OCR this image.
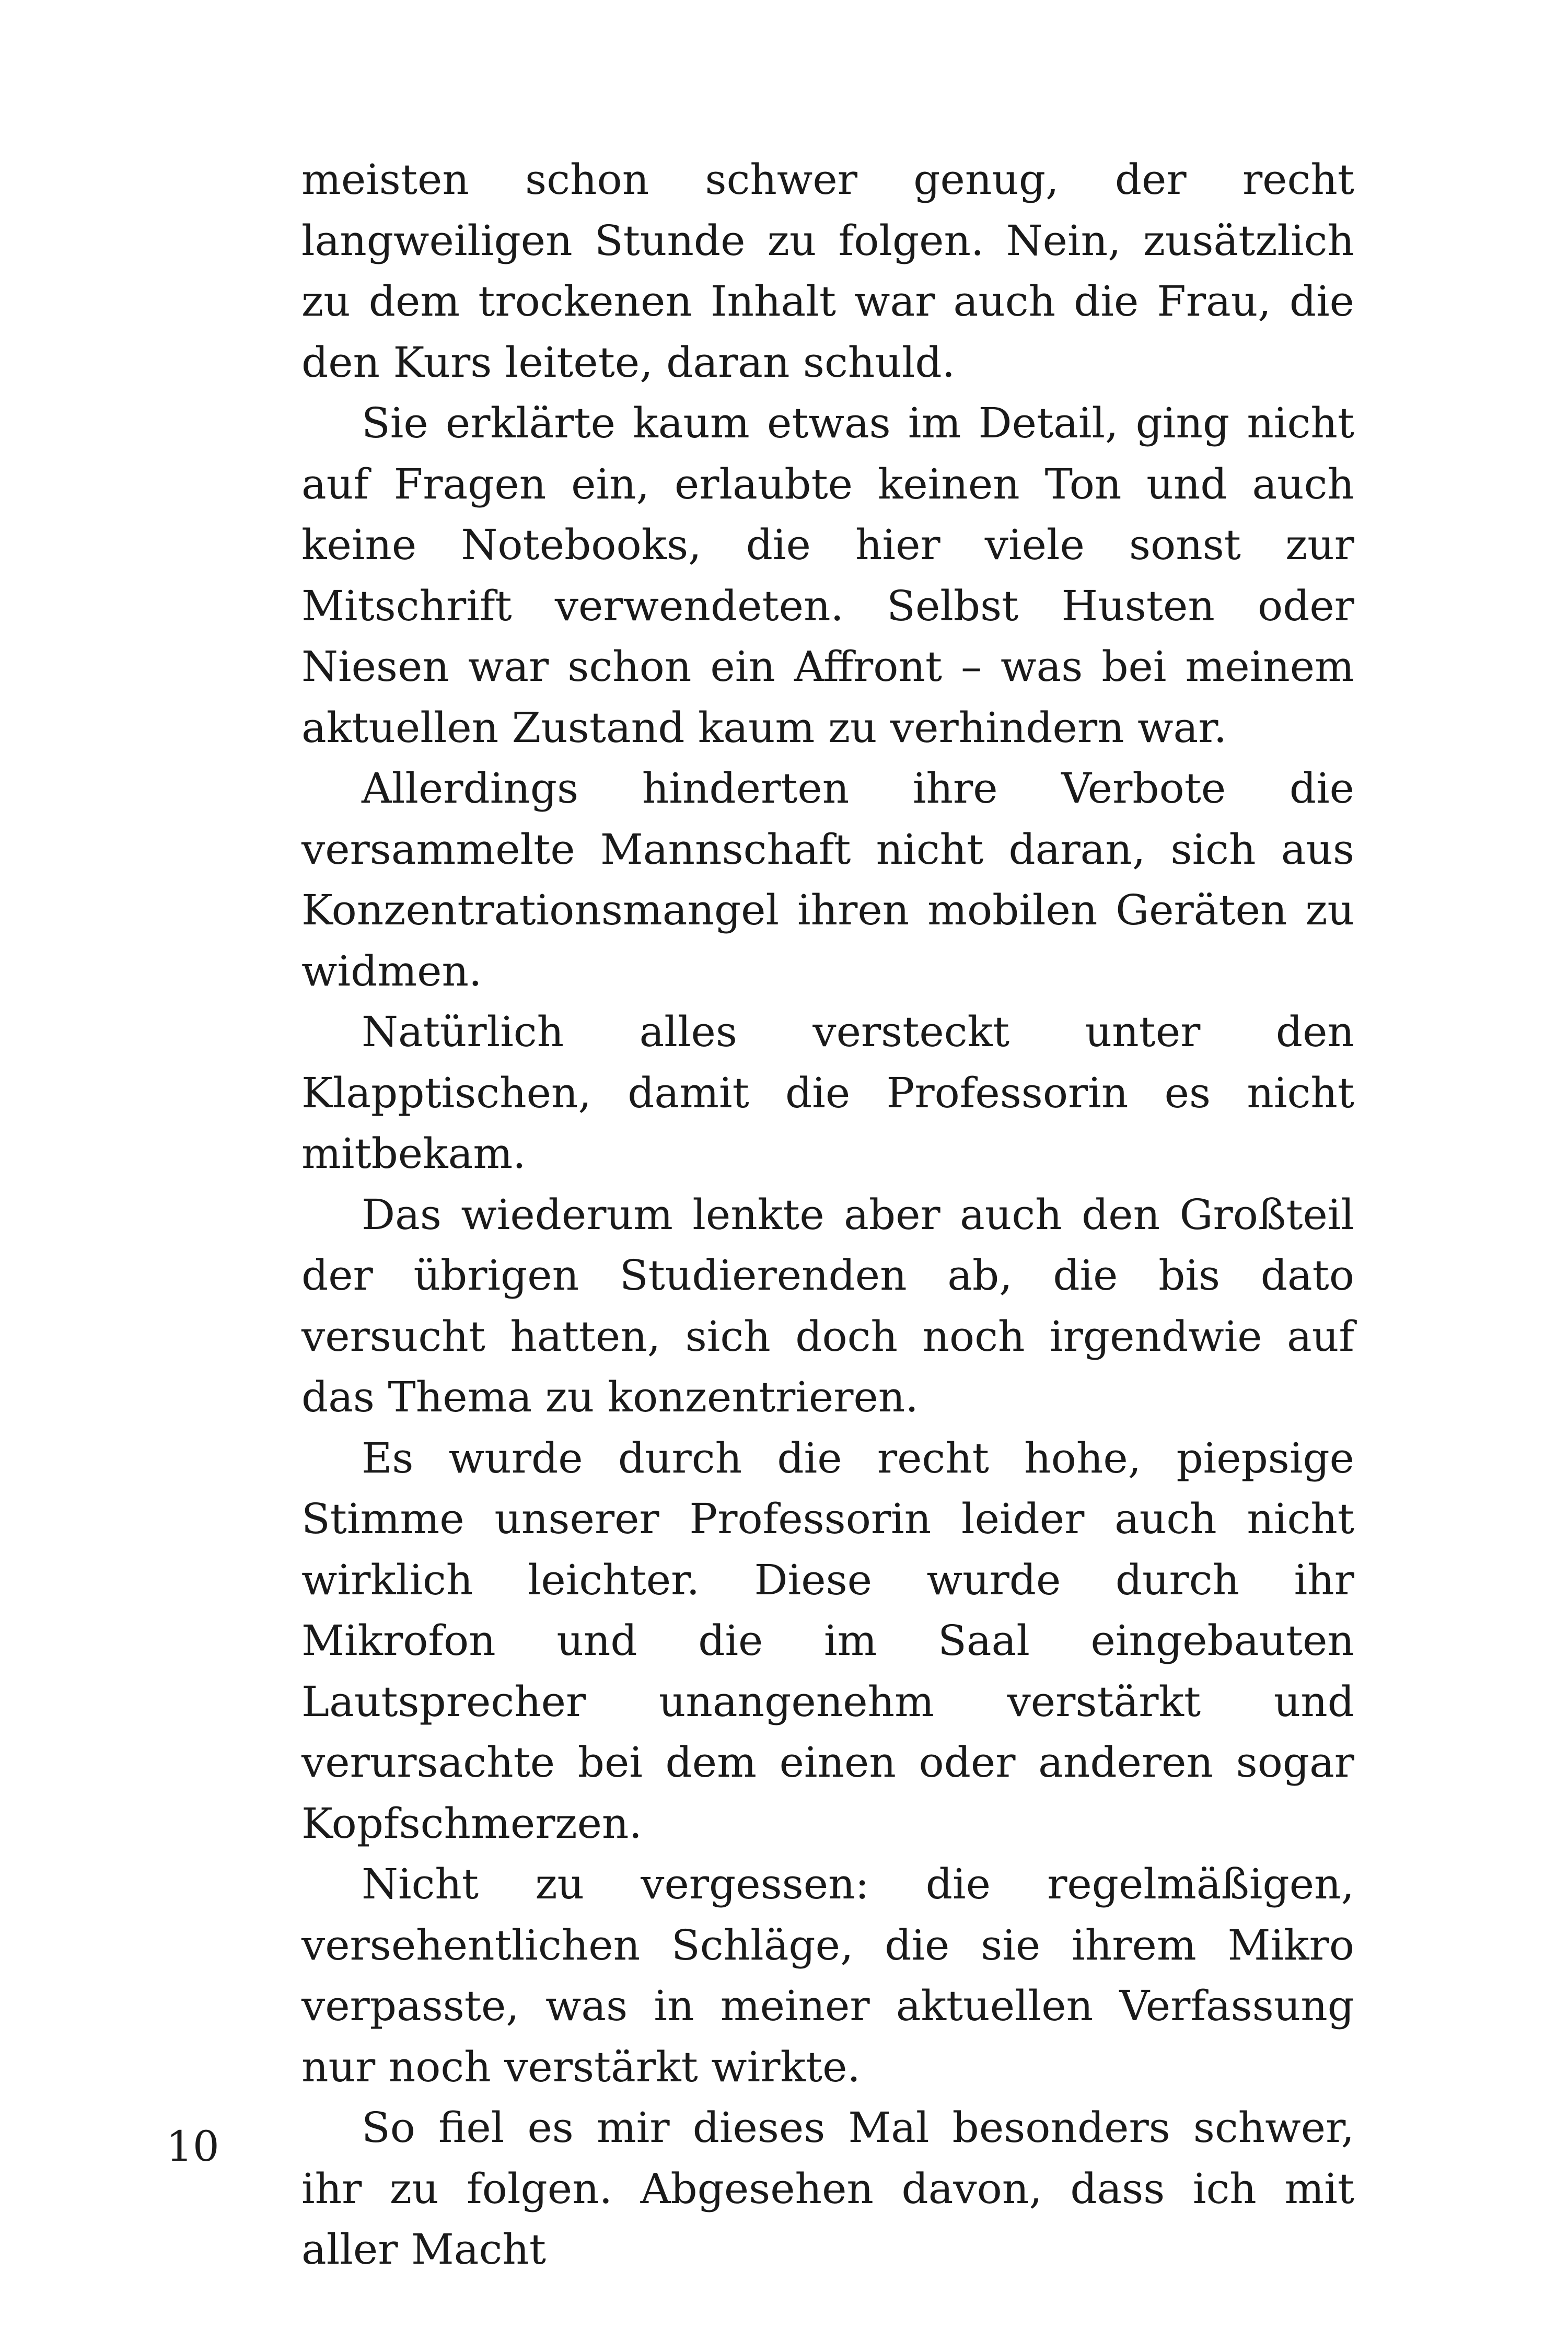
meisten schon schwer genug, der recht langweiligen Stunde zu folgen. Nein, zusätzlich zu dem trockenen Inhalt war auch die Frau, die den Kurs leitete, daran schuld.

Sie erklärte kaum etwas im Detail, ging nicht auf Fragen ein, erlaubte keinen Ton und auch keine Notebooks, die hier viele sonst zur Mitschrift verwendeten. Selbst Husten oder Niesen war schon ein Affront – was bei meinem aktuellen Zustand kaum zu verhindern war.

Allerdings hinderten ihre Verbote die versammelte Mannschaft nicht daran, sich aus Konzentrationsmangel ihren mobilen Geräten zu widmen.

Natürlich alles versteckt unter den Klapptischen, damit die Professorin es nicht mitbekam.

Das wiederum lenkte aber auch den Großteil der übrigen Studierenden ab, die bis dato versucht hatten, sich doch noch irgendwie auf das Thema zu konzentrieren.

Es wurde durch die recht hohe, piepsige Stimme unserer Professorin leider auch nicht wirklich leichter. Diese wurde durch ihr Mikrofon und die im Saal eingebauten Lautsprecher unangenehm verstärkt und verursachte bei dem einen oder anderen sogar Kopfschmerzen.

Nicht zu vergessen: die regelmäßigen, versehentlichen Schläge, die sie ihrem Mikro verpasste, was in meiner aktuellen Verfassung nur noch verstärkt wirkte.

So fiel es mir dieses Mal besonders schwer, ihr zu folgen. Abgesehen davon, dass ich mit aller Macht

10
